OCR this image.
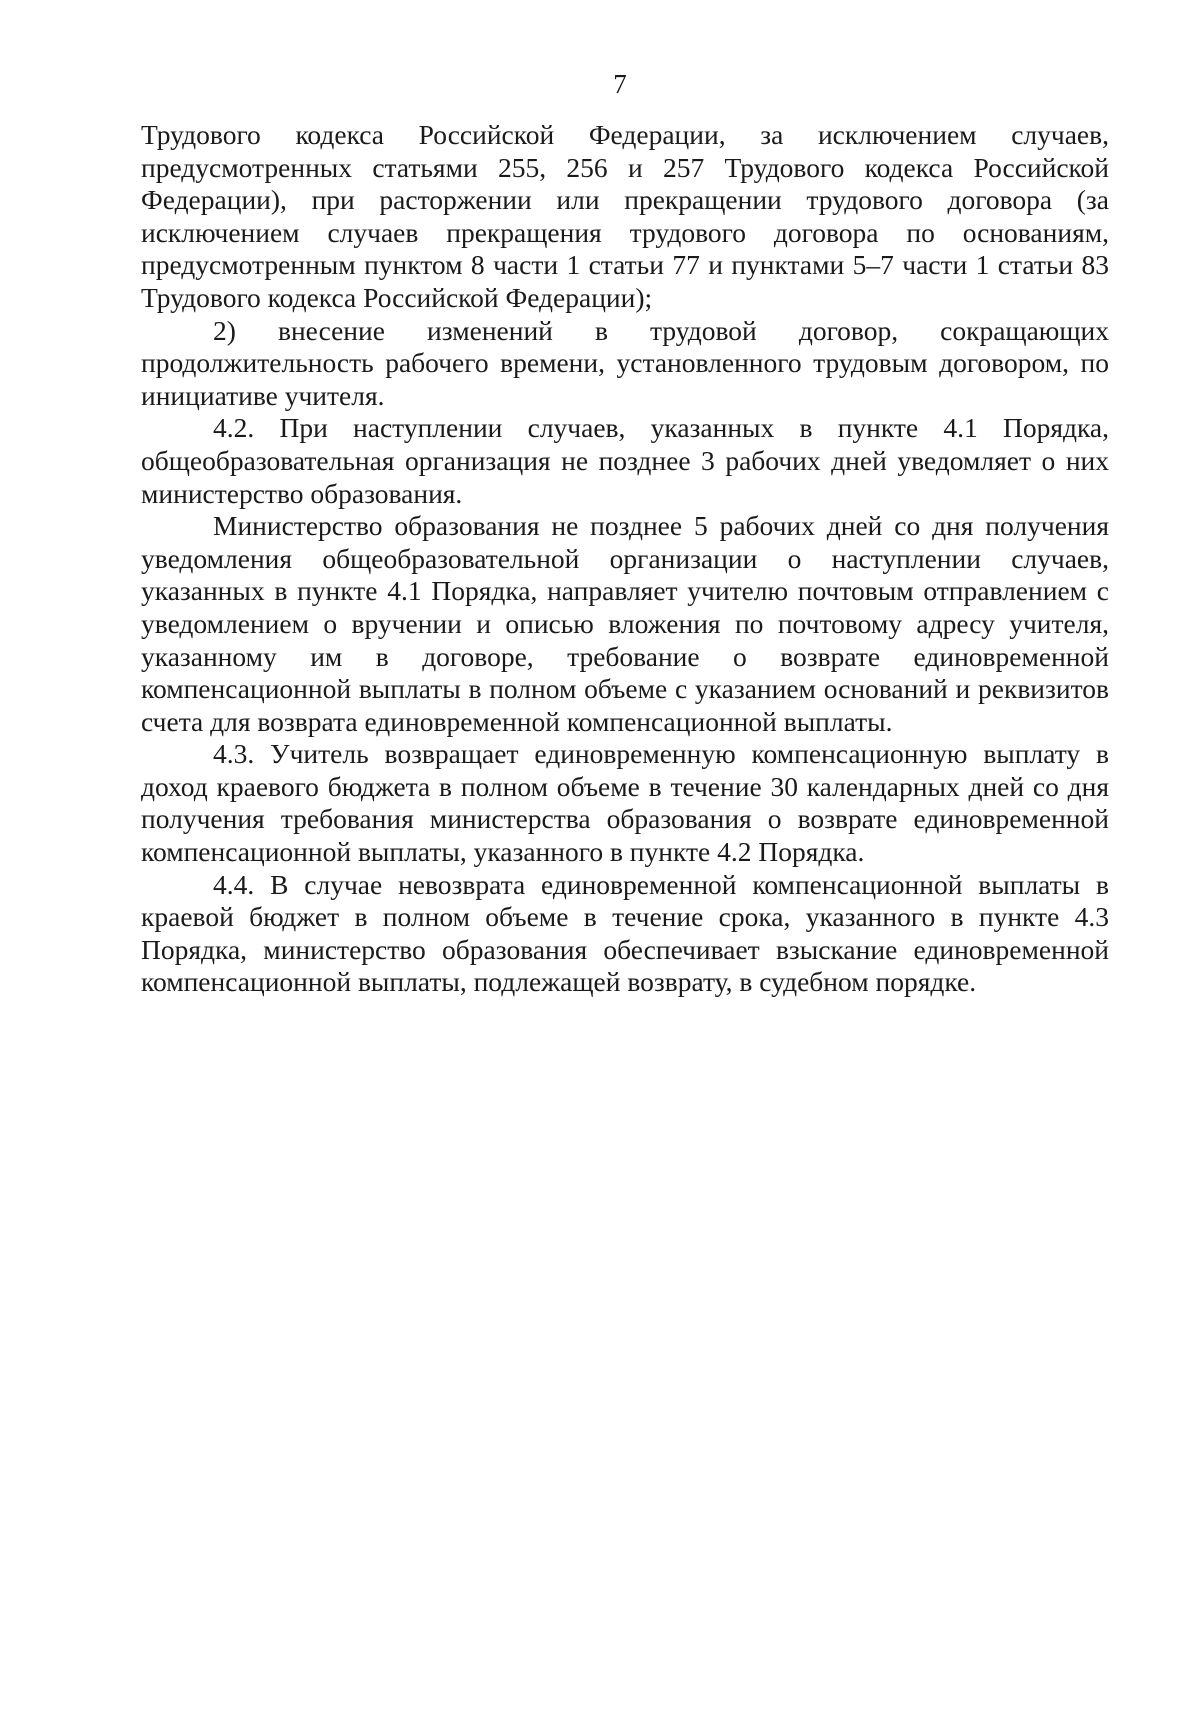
7

Трудового кодекса Российской Федерации, за исключением случаев, предусмотренных статьями 255, 256 и 257 Трудового кодекса Российской Федерации), при расторжении или прекращении трудового договора (за исключением случаев прекращения трудового договора по основаниям, предусмотренным пунктом 8 части 1 статьи 77 и пунктами 5–7 части 1 статьи 83 Трудового кодекса Российской Федерации);

2) внесение изменений в трудовой договор, сокращающих продолжительность рабочего времени, установленного трудовым договором, по инициативе учителя.

4.2. При наступлении случаев, указанных в пункте 4.1 Порядка, общеобразовательная организация не позднее 3 рабочих дней уведомляет о них министерство образования.

Министерство образования не позднее 5 рабочих дней со дня получения уведомления общеобразовательной организации о наступлении случаев, указанных в пункте 4.1 Порядка, направляет учителю почтовым отправлением с уведомлением о вручении и описью вложения по почтовому адресу учителя, указанному им в договоре, требование о возврате единовременной компенсационной выплаты в полном объеме с указанием оснований и реквизитов счета для возврата единовременной компенсационной выплаты.

4.3. Учитель возвращает единовременную компенсационную выплату в доход краевого бюджета в полном объеме в течение 30 календарных дней со дня получения требования министерства образования о возврате единовременной компенсационной выплаты, указанного в пункте 4.2 Порядка.

4.4. В случае невозврата единовременной компенсационной выплаты в краевой бюджет в полном объеме в течение срока, указанного в пункте 4.3 Порядка, министерство образования обеспечивает взыскание единовременной компенсационной выплаты, подлежащей возврату, в судебном порядке.
